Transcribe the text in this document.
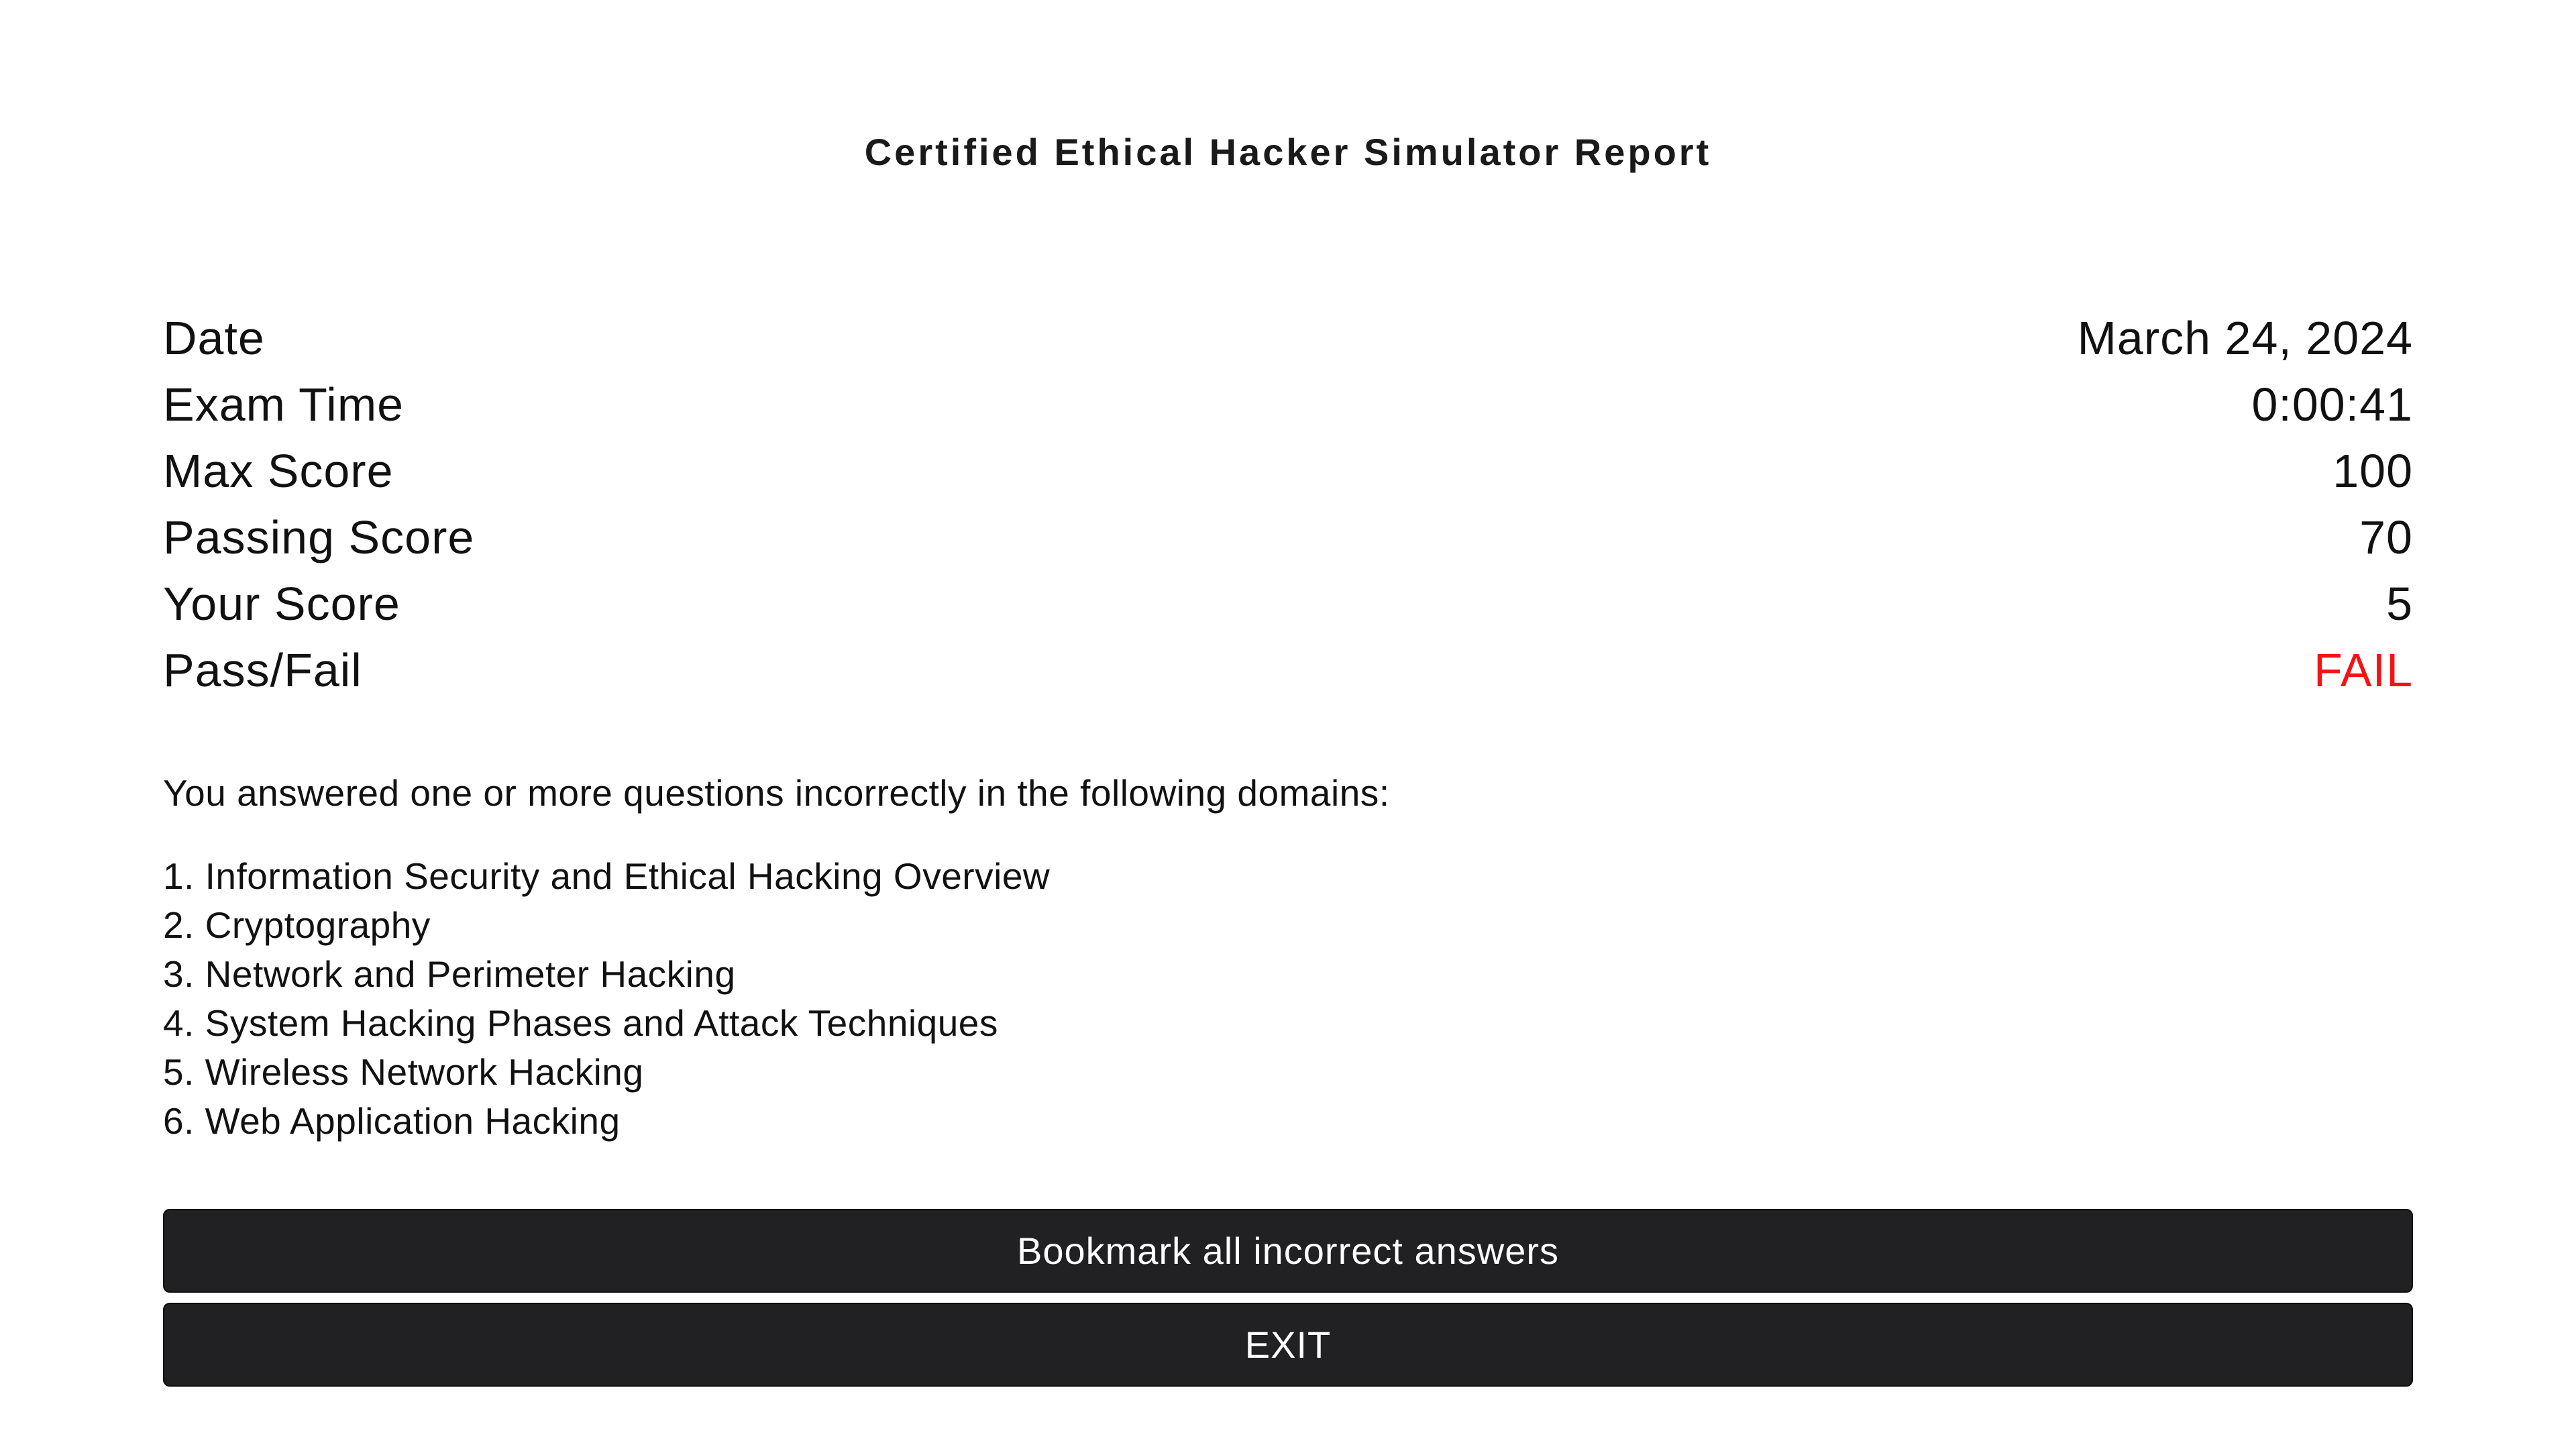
Certified Ethical Hacker Simulator Report
Date	March 24, 2024
Exam Time	0:00:41
Max Score	100
Passing Score	70
Your Score	5
Pass/Fail	FAIL
You answered one or more questions incorrectly in the following domains:
1. Information Security and Ethical Hacking Overview
2. Cryptography
3. Network and Perimeter Hacking
4. System Hacking Phases and Attack Techniques
5. Wireless Network Hacking
6. Web Application Hacking
Bookmark all incorrect answers
EXIT
